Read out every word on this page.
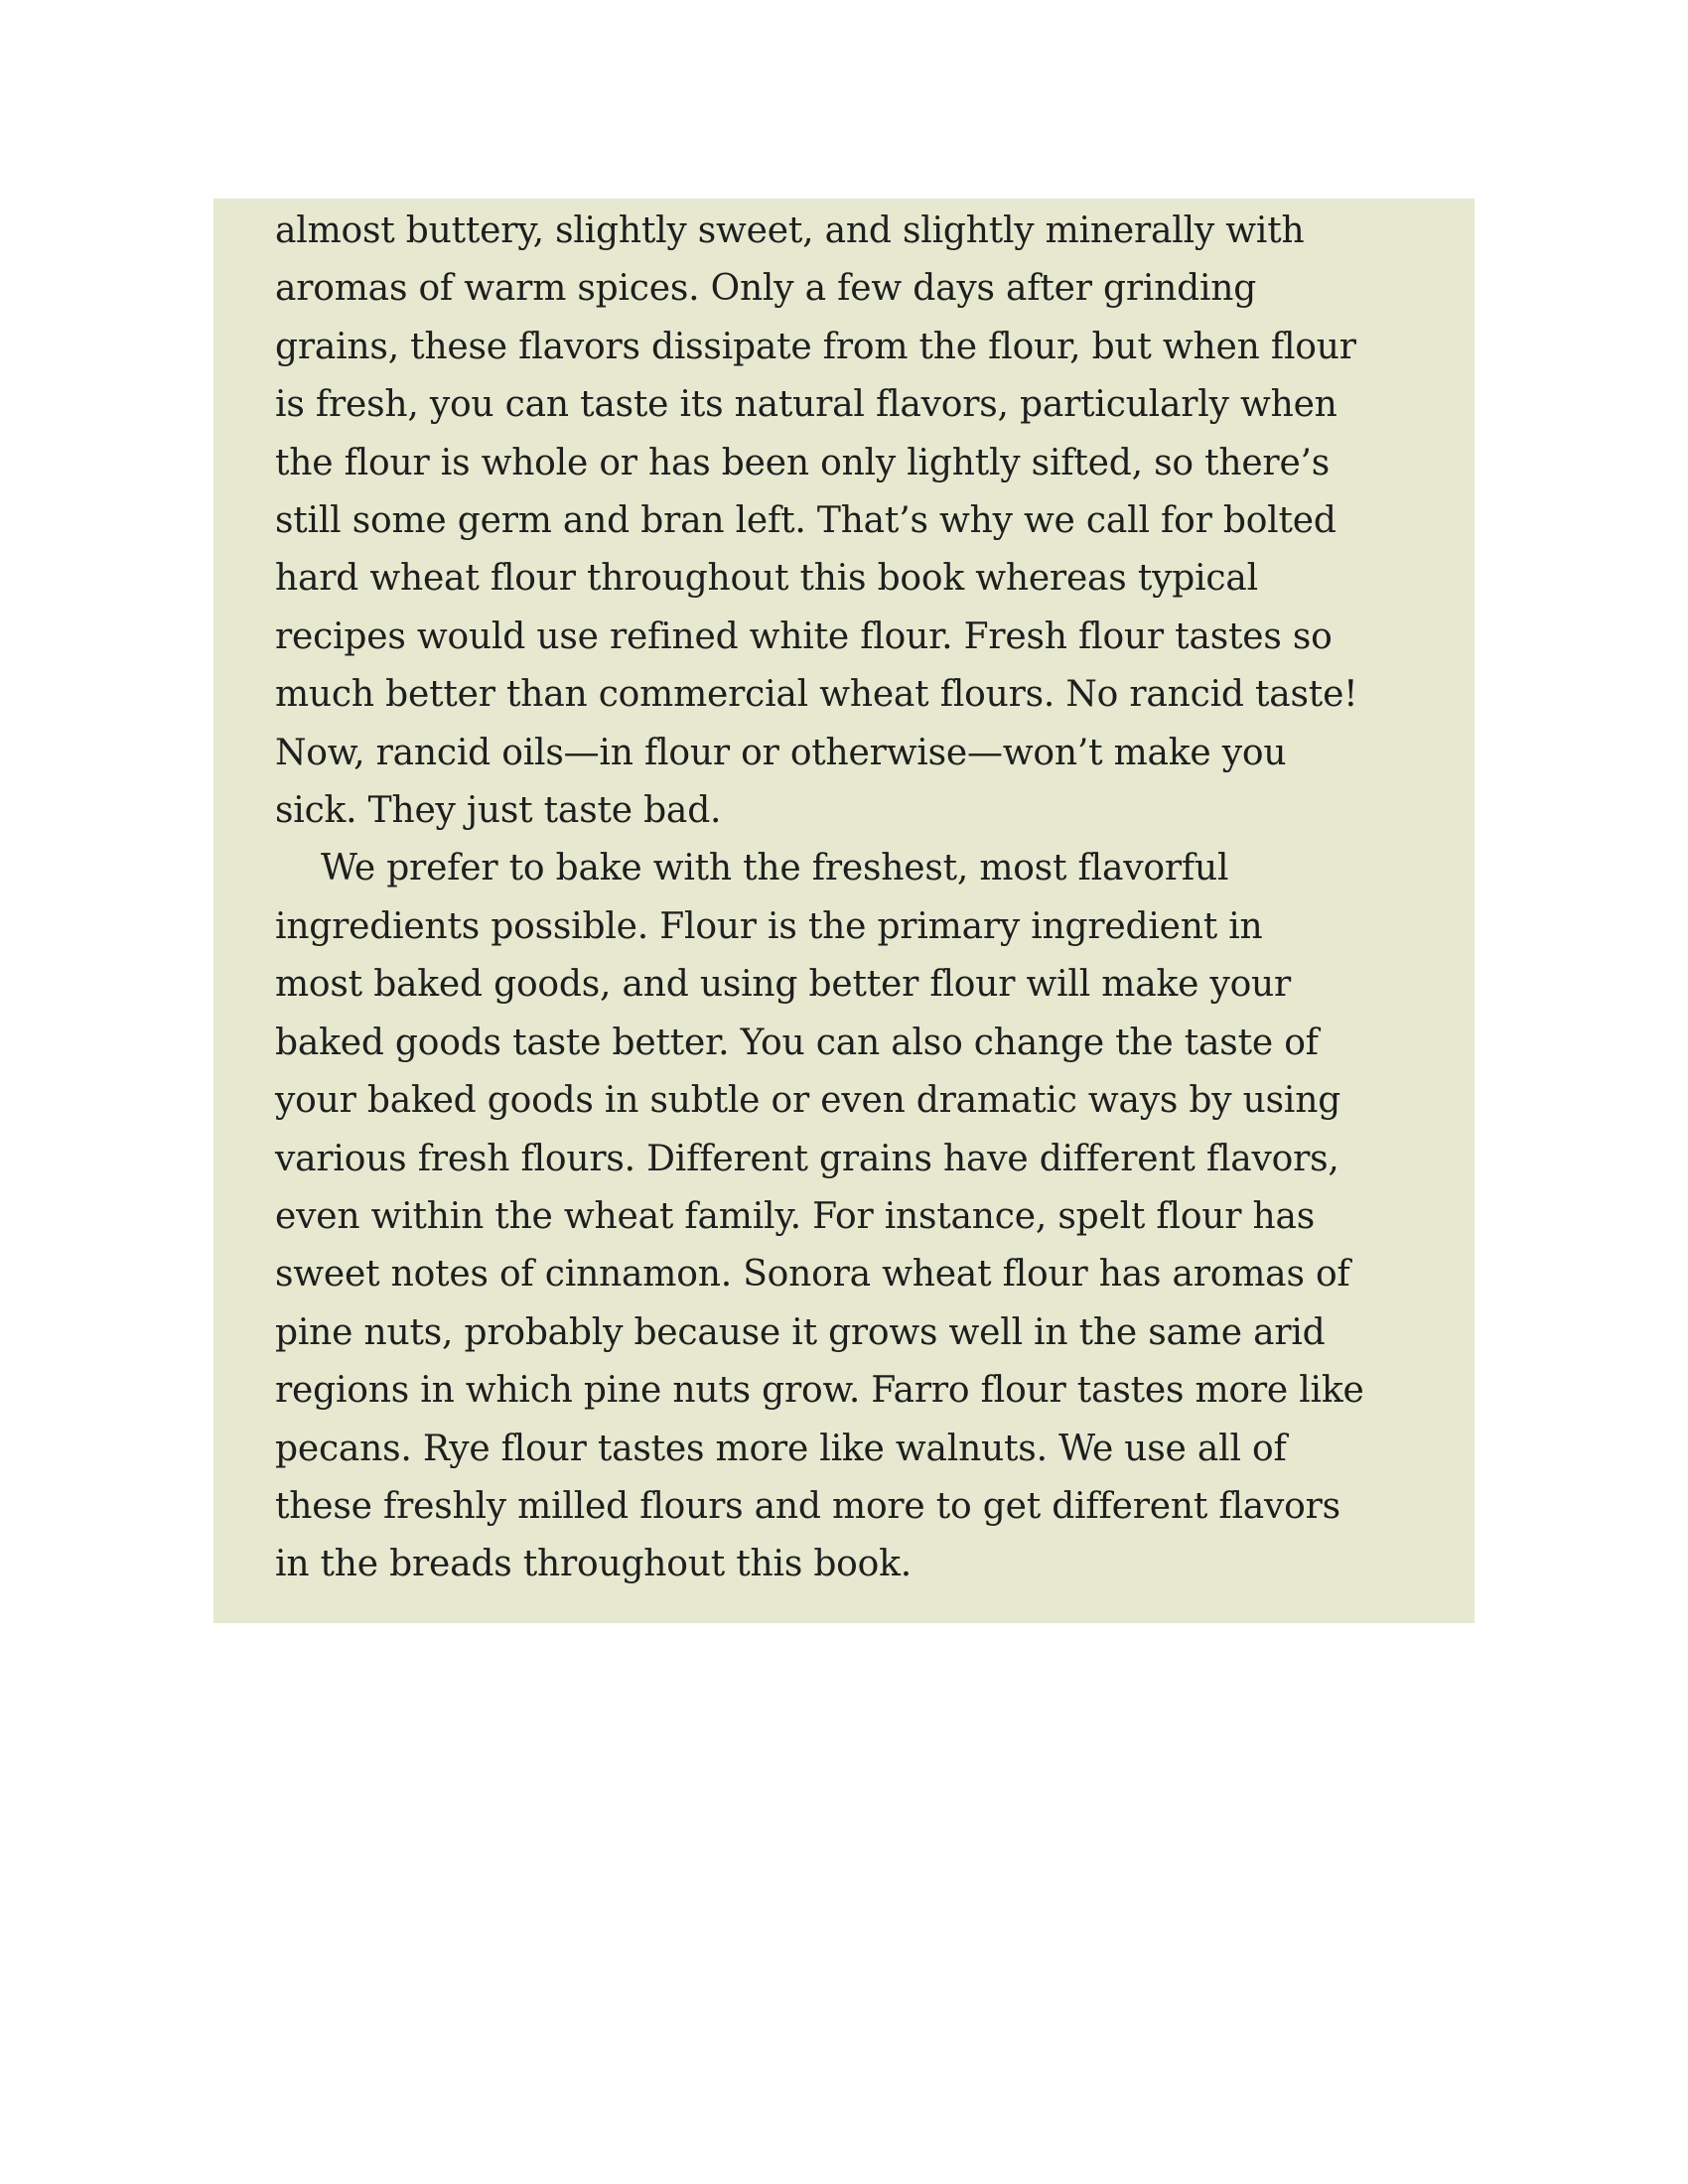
almost buttery, slightly sweet, and slightly minerally with
aromas of warm spices. Only a few days after grinding
grains, these flavors dissipate from the flour, but when flour
is fresh, you can taste its natural flavors, particularly when
the flour is whole or has been only lightly sifted, so there’s
still some germ and bran left. That’s why we call for bolted
hard wheat flour throughout this book whereas typical
recipes would use refined white flour. Fresh flour tastes so
much better than commercial wheat flours. No rancid taste!
Now, rancid oils—in flour or otherwise—won’t make you
sick. They just taste bad.

We prefer to bake with the freshest, most flavorful
ingredients possible. Flour is the primary ingredient in
most baked goods, and using better flour will make your
baked goods taste better. You can also change the taste of
your baked goods in subtle or even dramatic ways by using
various fresh flours. Different grains have different flavors,
even within the wheat family. For instance, spelt flour has
sweet notes of cinnamon. Sonora wheat flour has aromas of
pine nuts, probably because it grows well in the same arid
regions in which pine nuts grow. Farro flour tastes more like
pecans. Rye flour tastes more like walnuts. We use all of
these freshly milled flours and more to get different flavors
in the breads throughout this book.
